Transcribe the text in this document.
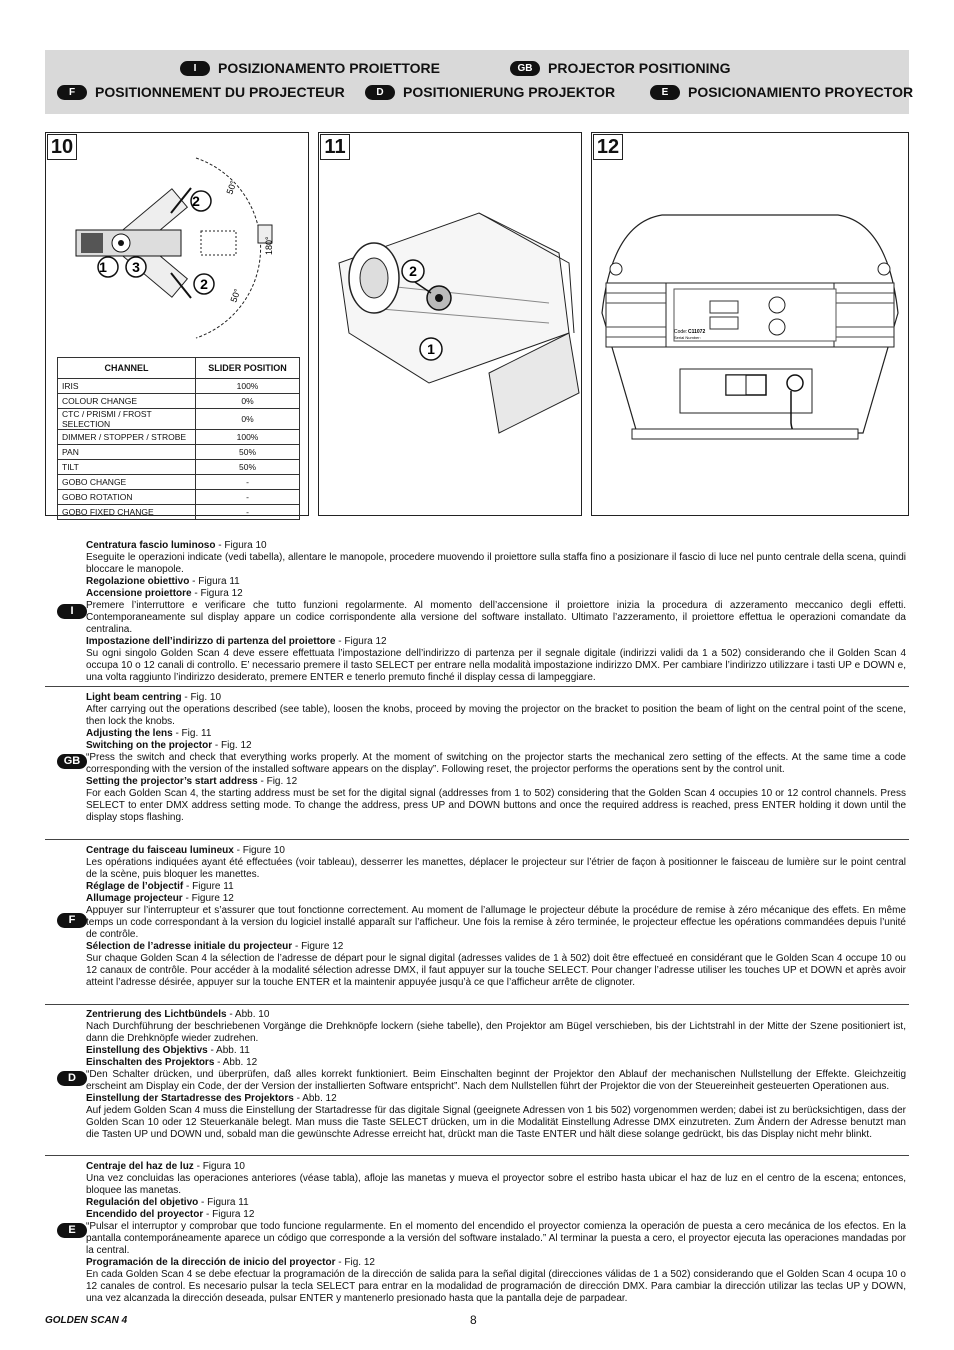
I	POSIZIONAMENTO PROIETTORE	GB	PROJECTOR POSITIONING
F	POSITIONNEMENT DU PROJECTEUR	D	POSITIONIERUNG PROJEKTOR	E	POSICIONAMIENTO PROYECTOR
10
2
1 3
2
50°
180°
50°
CHANNEL	SLIDER POSITION
IRIS	100%
COLOUR CHANGE	0%
CTC / PRISMI / FROST SELECTION	0%
DIMMER / STOPPER / STROBE	100%
PAN	50%
TILT	50%
GOBO CHANGE	-
GOBO ROTATION	-
GOBO FIXED CHANGE	-
11
2
1
12
Code: C11072
Serial Number:
I

Centratura fascio luminoso - Figura 10

Eseguite le operazioni indicate (vedi tabella), allentare le manopole, procedere muovendo il proiettore sulla staffa fino a posizionare il fascio di luce nel punto centrale della scena, quindi bloccare le manopole.

Regolazione obiettivo - Figura 11

Accensione proiettore - Figura 12

Premere l’interruttore e verificare che tutto funzioni regolarmente. Al momento dell’accensione il proiettore inizia la procedura di azzeramento meccanico degli effetti. Contemporaneamente sul display appare un codice corrispondente alla versione del software installato. Ultimato l’azzeramento, il proiettore effettua le operazioni comandate da centralina.

Impostazione dell’indirizzo di partenza del proiettore - Figura 12

Su ogni singolo Golden Scan 4 deve essere effettuata l’impostazione dell’indirizzo di partenza per il segnale digitale (indirizzi validi da 1 a 502) considerando che il Golden Scan 4 occupa 10 o 12 canali di controllo. E’ necessario premere il tasto SELECT per entrare nella modalità impostazione indirizzo DMX. Per cambiare l’indirizzo utilizzare i tasti UP e DOWN e, una volta raggiunto l’indirizzo desiderato, premere ENTER e tenerlo premuto finché il display cessa di lampeggiare.

GB

Light beam centring - Fig. 10

After carrying out the operations described (see table), loosen the knobs, proceed by moving the projector on the bracket to position the beam of light on the central point of the scene, then lock the knobs.

Adjusting the lens - Fig. 11

Switching on the projector - Fig. 12

“Press the switch and check that everything works properly. At the moment of switching on the projector starts the mechanical zero setting of the effects. At the same time a code corresponding with the version of the installed software appears on the display”. Following reset, the projector performs the operations sent by the control unit.

Setting the projector’s start address - Fig. 12

For each Golden Scan 4, the starting address must be set for the digital signal (addresses from 1 to 502) considering that the Golden Scan 4 occupies 10 or 12 control channels. Press SELECT to enter DMX address setting mode. To change the address, press UP and DOWN buttons and once the required address is reached, press ENTER holding it down until the display stops flashing.

F

Centrage du faisceau lumineux - Figure 10

Les opérations indiquées ayant été effectuées (voir tableau), desserrer les manettes, déplacer le projecteur sur l’étrier de façon à positionner le faisceau de lumière sur le point central de la scène, puis bloquer les manettes.

Réglage de l’objectif - Figure 11

Allumage projecteur - Figure 12

Appuyer sur l’interrupteur et s’assurer que tout fonctionne correctement. Au moment de l’allumage le projecteur débute la procédure de remise à zéro mécanique des effets. En même temps un code correspondant à la version du logiciel installé apparaît sur l’afficheur. Une fois la remise à zéro terminée, le projecteur effectue les opérations commandées depuis l’unité de contrôle.

Sélection de l’adresse initiale du projecteur - Figure 12

Sur chaque Golden Scan 4 la sélection de l’adresse de départ pour le signal digital (adresses valides de 1 à 502) doit être effectueé en considérant que le Golden Scan 4 occupe 10 ou 12 canaux de contrôle. Pour accéder à la modalité sélection adresse DMX, il faut appuyer sur la touche SELECT. Pour changer l’adresse utiliser les touches UP et DOWN et après avoir atteint l’adresse désirée, appuyer sur la touche ENTER et la maintenir appuyée jusqu’à ce que l’afficheur arrête de clignoter.

D

Zentrierung des Lichtbündels - Abb. 10

Nach Durchführung der beschriebenen Vorgänge die Drehknöpfe lockern (siehe tabelle), den Projektor am Bügel verschieben, bis der Lichtstrahl in der Mitte der Szene positioniert ist, dann die Drehknöpfe wieder zudrehen.

Einstellung des Objektivs - Abb. 11

Einschalten des Projektors - Abb. 12

“Den Schalter drücken, und überprüfen, daß alles korrekt funktioniert. Beim Einschalten beginnt der Projektor den Ablauf der mechanischen Nullstellung der Effekte. Gleichzeitig erscheint am Display ein Code, der der Version der installierten Software entspricht”. Nach dem Nullstellen führt der Projektor die von der Steuereinheit gesteuerten Operationen aus.

Einstellung der Startadresse des Projektors - Abb. 12

Auf jedem Golden Scan 4 muss die Einstellung der Startadresse für das digitale Signal (geeignete Adressen von 1 bis 502) vorgenommen werden; dabei ist zu berücksichtigen, dass der Golden Scan 10 oder 12 Steuerkanäle belegt. Man muss die Taste SELECT drücken, um in die Modalität Einstellung Adresse DMX einzutreten. Zum Ändern der Adresse benutzt man die Tasten UP und DOWN und, sobald man die gewünschte Adresse erreicht hat, drückt man die Taste ENTER und hält diese solange gedrückt, bis das Display nicht mehr blinkt.

E

Centraje del haz de luz - Figura 10

Una vez concluidas las operaciones anteriores (véase tabla), afloje las manetas y mueva el proyector sobre el estribo hasta ubicar el haz de luz en el centro de la escena; entonces, bloquee las manetas.

Regulación del objetivo - Figura 11

Encendido del proyector - Figura 12

“Pulsar el interruptor y comprobar que todo funcione regularmente. En el momento del encendido el proyector comienza la operación de puesta a cero mecánica de los efectos. En la pantalla contemporáneamente aparece un código que corresponde a la versión del software instalado.” Al terminar la puesta a cero, el proyector ejecuta las operaciones mandadas por la central.

Programación de la dirección de inicio del proyector - Fig. 12

En cada Golden Scan 4 se debe efectuar la programación de la dirección de salida para la señal digital (direcciones válidas de 1 a 502) considerando que el Golden Scan 4 ocupa 10 o 12 canales de control. Es necesario pulsar la tecla SELECT para entrar en la modalidad de programación de dirección DMX. Para cambiar la dirección utilizar las teclas UP y DOWN, una vez alcanzada la dirección deseada, pulsar ENTER y mantenerlo presionado hasta que la pantalla deje de parpadear.

GOLDEN SCAN 4	8
